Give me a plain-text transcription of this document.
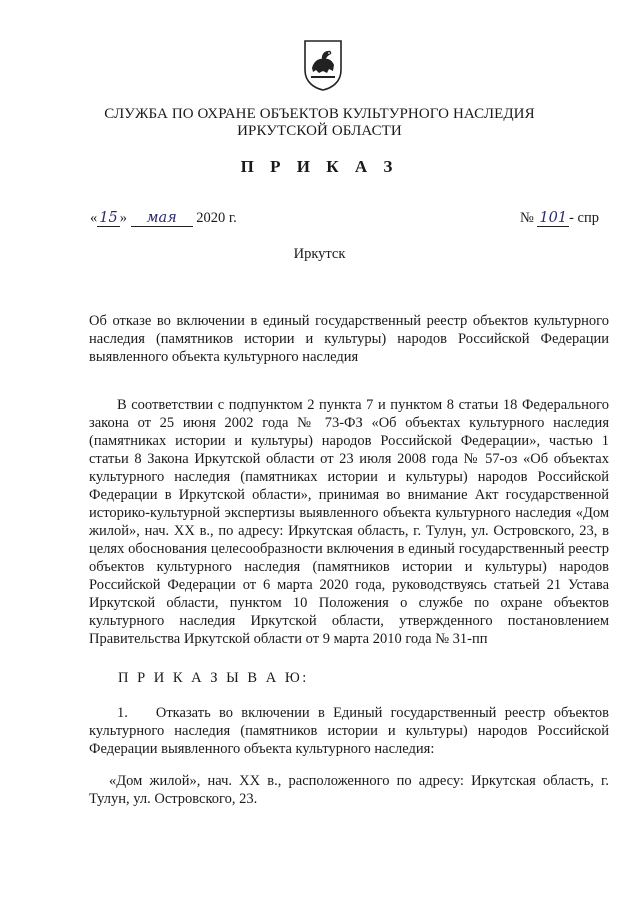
СЛУЖБА ПО ОХРАНЕ ОБЪЕКТОВ КУЛЬТУРНОГО НАСЛЕДИЯ
ИРКУТСКОЙ ОБЛАСТИ
П Р И К А З
« 15 » мая 2020 г.	№ 101 - спр
Иркутск
Об отказе во включении в единый государственный реестр объектов культурного наследия (памятников истории и культуры) народов Российской Федерации выявленного объекта культурного наследия
В соответствии с подпунктом 2 пункта 7 и пунктом 8 статьи 18 Федерального закона от 25 июня 2002 года № 73-ФЗ «Об объектах культурного наследия (памятниках истории и культуры) народов Российской Федерации», частью 1 статьи 8 Закона Иркутской области от 23 июля 2008 года № 57-оз «Об объектах культурного наследия (памятниках истории и культуры) народов Российской Федерации в Иркутской области», принимая во внимание Акт государственной историко-культурной экспертизы выявленного объекта культурного наследия «Дом жилой», нач. XX в., по адресу: Иркутская область, г. Тулун, ул. Островского, 23, в целях обоснования целесообразности включения в единый государственный реестр объектов культурного наследия (памятников истории и культуры) народов Российской Федерации от 6 марта 2020 года, руководствуясь статьей 21 Устава Иркутской области, пунктом 10 Положения о службе по охране объектов культурного наследия Иркутской области, утвержденного постановлением Правительства Иркутской области от 9 марта 2010 года № 31-пп
П Р И К А З Ы В А Ю:
1. Отказать во включении в Единый государственный реестр объектов культурного наследия (памятников истории и культуры) народов Российской Федерации выявленного объекта культурного наследия:
«Дом жилой», нач. XX в., расположенного по адресу: Иркутская область, г. Тулун, ул. Островского, 23.
